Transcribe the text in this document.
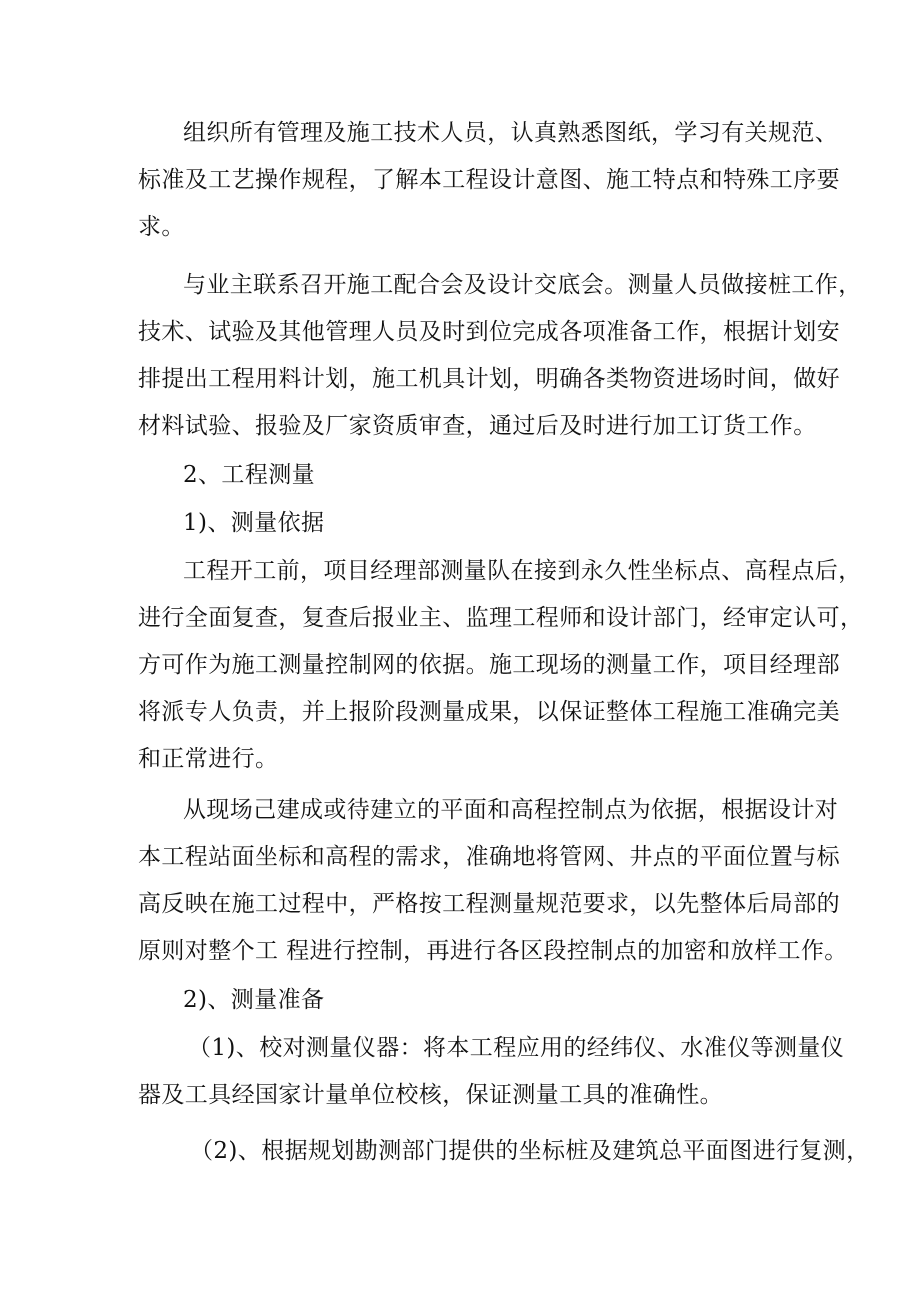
组织所有管理及施工技术人员，认真熟悉图纸，学习有关规范、
标准及工艺操作规程，了解本工程设计意图、施工特点和特殊工序要
求。
与业主联系召开施工配合会及设计交底会。测量人员做接桩工作，
技术、试验及其他管理人员及时到位完成各项准备工作，根据计划安
排提出工程用料计划，施工机具计划，明确各类物资进场时间，做好
材料试验、报验及厂家资质审查，通过后及时进行加工订货工作。
2、工程测量
1)、测量依据
工程开工前，项目经理部测量队在接到永久性坐标点、高程点后，
进行全面复查，复查后报业主、监理工程师和设计部门，经审定认可，
方可作为施工测量控制网的依据。施工现场的测量工作，项目经理部
将派专人负责，并上报阶段测量成果，以保证整体工程施工准确完美
和正常进行。
从现场己建成或待建立的平面和高程控制点为依据，根据设计对
本工程站面坐标和高程的需求，准确地将管网、井点的平面位置与标
高反映在施工过程中，严格按工程测量规范要求，以先整体后局部的
原则对整个工 程进行控制，再进行各区段控制点的加密和放样工作。
2)、测量准备
（1)、校对测量仪器：将本工程应用的经纬仪、水准仪等测量仪
器及工具经国家计量单位校核，保证测量工具的准确性。
（2)、根据规划勘测部门提供的坐标桩及建筑总平面图进行复测，
